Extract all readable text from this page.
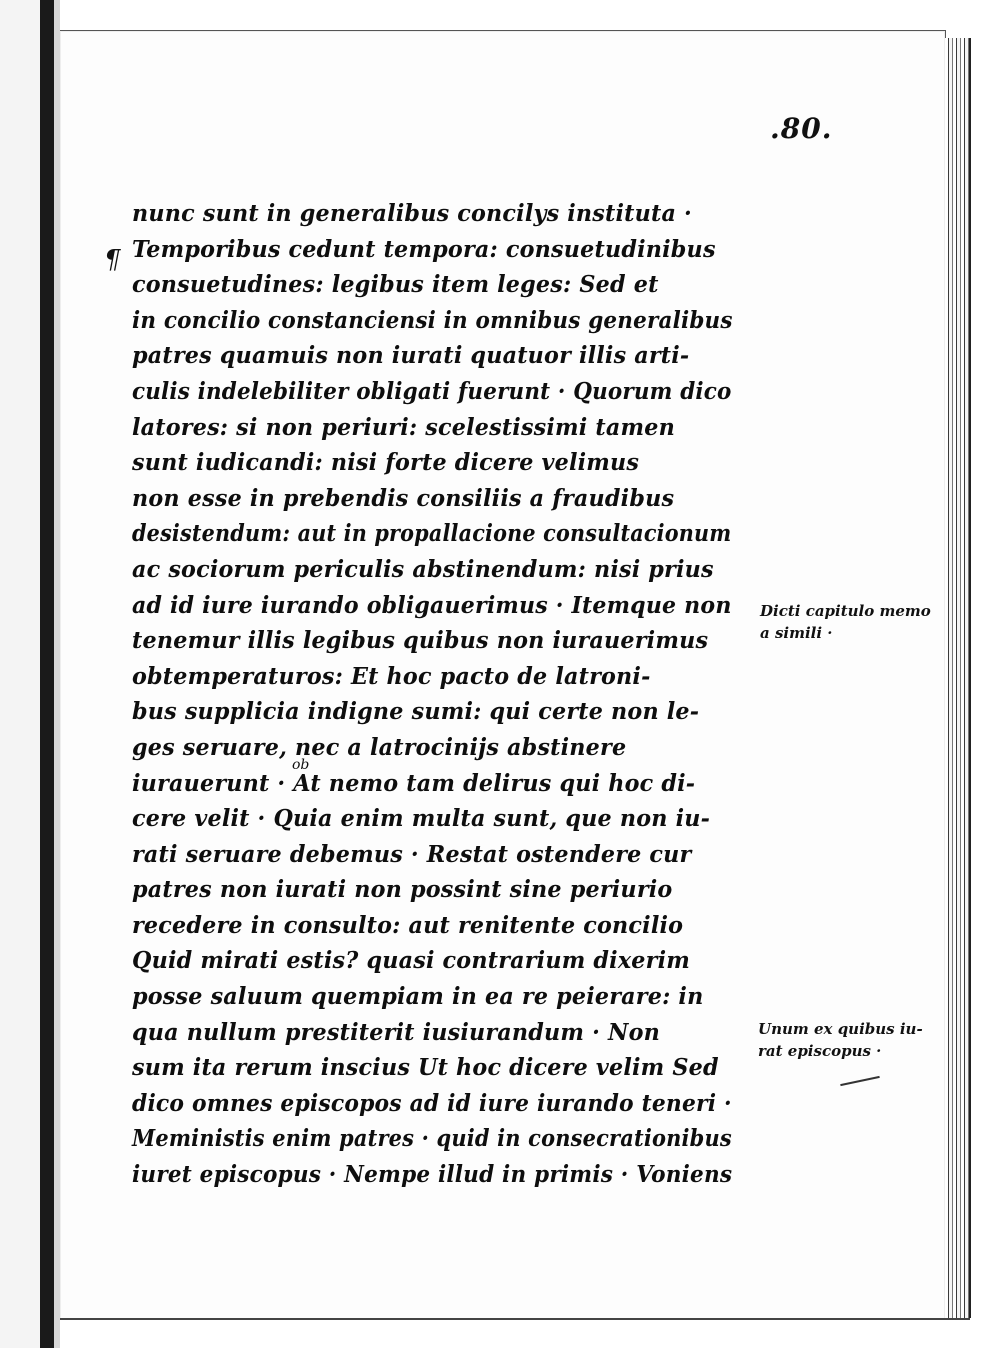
.80.
¶
ob
nunc sunt in generalibus concilys instituta ·
Temporibus cedunt tempora: consuetudinibus
consuetudines: legibus item leges: Sed et
in concilio constanciensi in omnibus generalibus
patres quamuis non iurati quatuor illis arti-
culis indelebiliter obligati fuerunt · Quorum dico
latores: si non periuri: scelestissimi tamen
sunt iudicandi: nisi forte dicere velimus
non esse in prebendis consiliis a fraudibus
desistendum: aut in propallacione consultacionum
ac sociorum periculis abstinendum: nisi prius
ad id iure iurando obligauerimus · Itemque non
tenemur illis legibus quibus non iurauerimus
obtemperaturos: Et hoc pacto de latroni-
bus supplicia indigne sumi: qui certe non le-
ges seruare, nec a latrocinijs abstinere
iurauerunt · At nemo tam delirus qui hoc di-
cere velit · Quia enim multa sunt, que non iu-
rati seruare debemus · Restat ostendere cur
patres non iurati non possint sine periurio
recedere in consulto: aut renitente concilio
Quid mirati estis? quasi contrarium dixerim
posse saluum quempiam in ea re peierare: in
qua nullum prestiterit iusiurandum · Non
sum ita rerum inscius Ut hoc dicere velim Sed
dico omnes episcopos ad id iure iurando teneri ·
Meministis enim patres · quid in consecrationibus
iuret episcopus · Nempe illud in primis · Voniens
Dicti capitulo memo
a simili ·
Unum ex quibus iu-
rat episcopus ·
